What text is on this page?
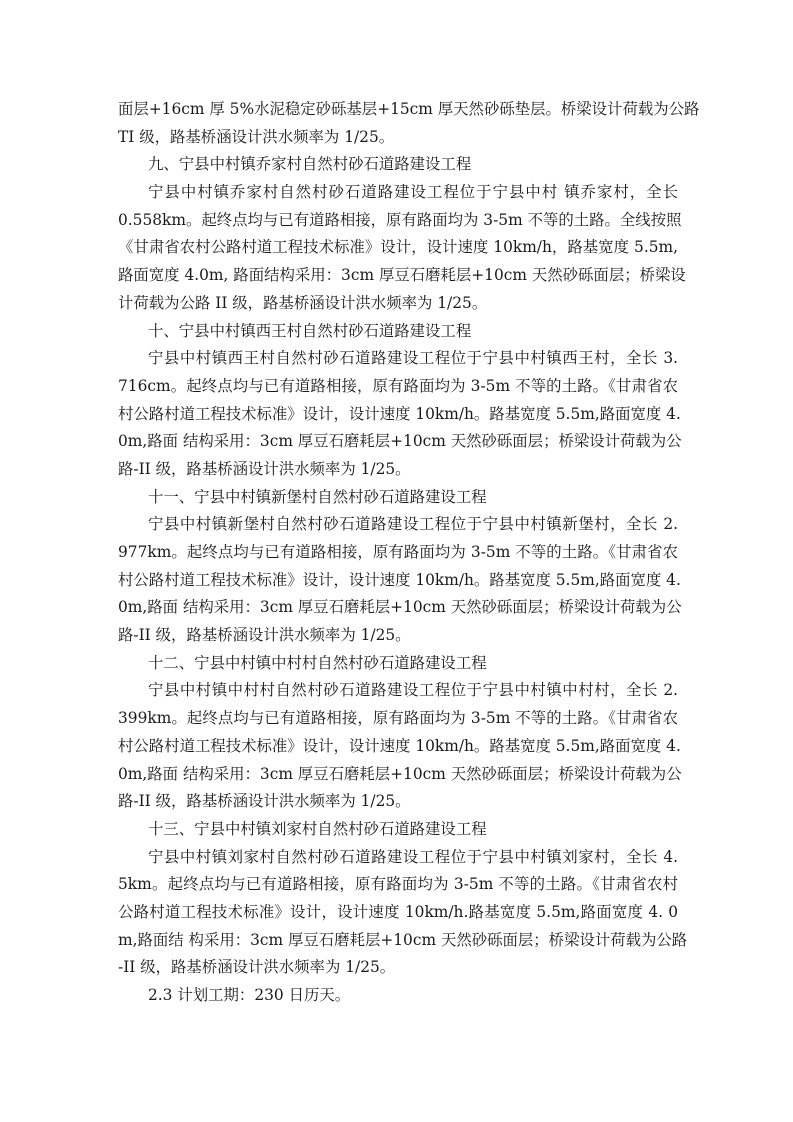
面层+16cm 厚 5%水泥稳定砂砾基层+15cm 厚天然砂砾垫层。桥梁设计荷载为公路
TI 级，路基桥涵设计洪水频率为 1/25。
九、宁县中村镇乔家村自然村砂石道路建设工程
宁县中村镇乔家村自然村砂石道路建设工程位于宁县中村 镇乔家村，全长
0.558km。起终点均与已有道路相接，原有路面均为 3-5m 不等的土路。全线按照
《甘肃省农村公路村道工程技术标准》设计，设计速度 10km/h，路基宽度 5.5m,
路面宽度 4.0m, 路面结构采用：3cm 厚豆石磨耗层+10cm 天然砂砾面层；桥梁设
计荷载为公路 II 级，路基桥涵设计洪水频率为 1/25。
十、宁县中村镇西王村自然村砂石道路建设工程
宁县中村镇西王村自然村砂石道路建设工程位于宁县中村镇西王村，全长 3.
716cm。起终点均与已有道路相接，原有路面均为 3-5m 不等的土路。《甘肃省农
村公路村道工程技术标准》设计，设计速度 10km/h。路基宽度 5.5m,路面宽度 4.
0m,路面 结构采用：3cm 厚豆石磨耗层+10cm 天然砂砾面层；桥梁设计荷载为公
路-II 级，路基桥涵设计洪水频率为 1/25。
十一、宁县中村镇新堡村自然村砂石道路建设工程
宁县中村镇新堡村自然村砂石道路建设工程位于宁县中村镇新堡村，全长 2.
977km。起终点均与已有道路相接，原有路面均为 3-5m 不等的土路。《甘肃省农
村公路村道工程技术标准》设计，设计速度 10km/h。路基宽度 5.5m,路面宽度 4.
0m,路面 结构采用：3cm 厚豆石磨耗层+10cm 天然砂砾面层；桥梁设计荷载为公
路-II 级，路基桥涵设计洪水频率为 1/25。
十二、宁县中村镇中村村自然村砂石道路建设工程
宁县中村镇中村村自然村砂石道路建设工程位于宁县中村镇中村村，全长 2.
399km。起终点均与已有道路相接，原有路面均为 3-5m 不等的土路。《甘肃省农
村公路村道工程技术标准》设计，设计速度 10km/h。路基宽度 5.5m,路面宽度 4.
0m,路面 结构采用：3cm 厚豆石磨耗层+10cm 天然砂砾面层；桥梁设计荷载为公
路-II 级，路基桥涵设计洪水频率为 1/25。
十三、宁县中村镇刘家村自然村砂石道路建设工程
宁县中村镇刘家村自然村砂石道路建设工程位于宁县中村镇刘家村，全长 4.
5km。起终点均与已有道路相接，原有路面均为 3-5m 不等的土路。《甘肃省农村
公路村道工程技术标准》设计，设计速度 10km/h.路基宽度 5.5m,路面宽度 4. 0
m,路面结 构采用：3cm 厚豆石磨耗层+10cm 天然砂砾面层；桥梁设计荷载为公路
-II 级，路基桥涵设计洪水频率为 1/25。
2.3 计划工期：230 日历天。
